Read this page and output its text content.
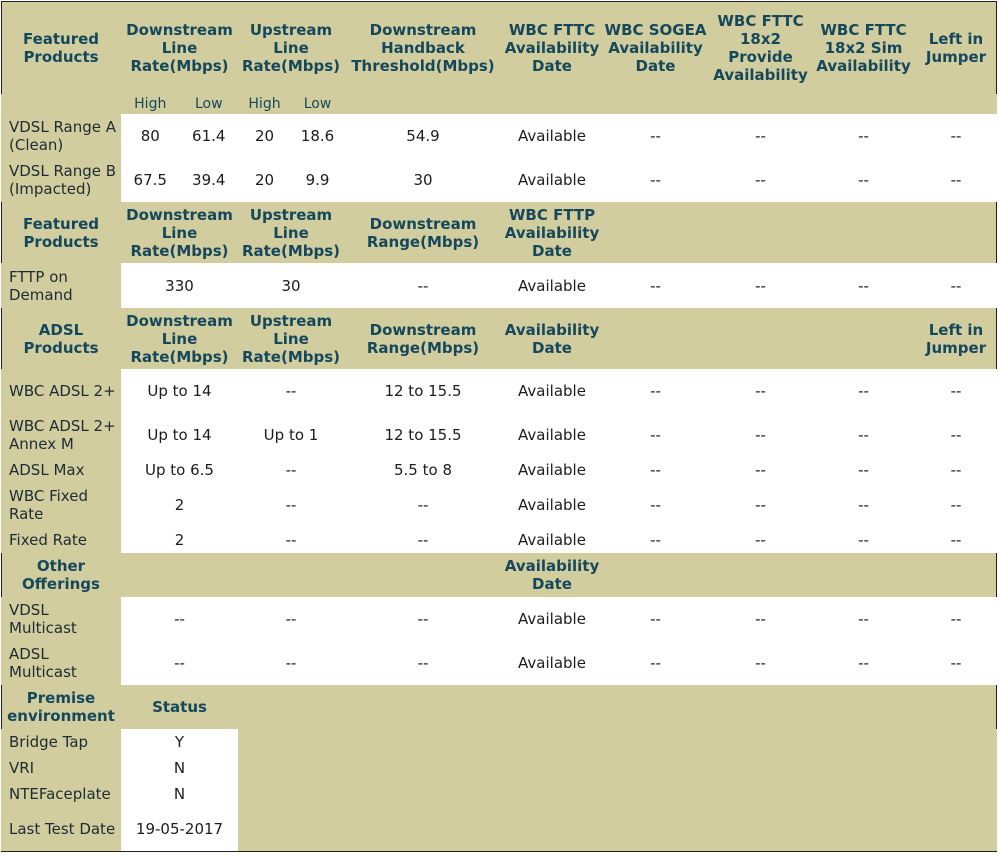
Featured Products	Downstream Line Rate(Mbps)	Upstream Line Rate(Mbps)	Downstream Handback Threshold(Mbps)	WBC FTTC Availability Date	WBC SOGEA Availability Date	WBC FTTC 18x2 Provide Availability	WBC FTTC 18x2 Sim Availability	Left in Jumper
	High Low	High Low						
VDSL Range A (Clean)	80 61.4	20 18.6	54.9	Available	--	--	--	--
VDSL Range B (Impacted)	67.5 39.4	20 9.9	30	Available	--	--	--	--
Featured Products	Downstream Line Rate(Mbps)	Upstream Line Rate(Mbps)	Downstream Range(Mbps)	WBC FTTP Availability Date				
FTTP on Demand	330	30	--	Available	--	--	--	--
ADSL Products	Downstream Line Rate(Mbps)	Upstream Line Rate(Mbps)	Downstream Range(Mbps)	Availability Date				Left in Jumper
WBC ADSL 2+	Up to 14	--	12 to 15.5	Available	--	--	--	--
WBC ADSL 2+ Annex M	Up to 14	Up to 1	12 to 15.5	Available	--	--	--	--
ADSL Max	Up to 6.5	--	5.5 to 8	Available	--	--	--	--
WBC Fixed Rate	2	--	--	Available	--	--	--	--
Fixed Rate	2	--	--	Available	--	--	--	--
Other Offerings				Availability Date				
VDSL Multicast	--	--	--	Available	--	--	--	--
ADSL Multicast	--	--	--	Available	--	--	--	--
Premise environment	Status							
Bridge Tap	Y							
VRI	N							
NTEFaceplate	N							
Last Test Date	19-05-2017							
